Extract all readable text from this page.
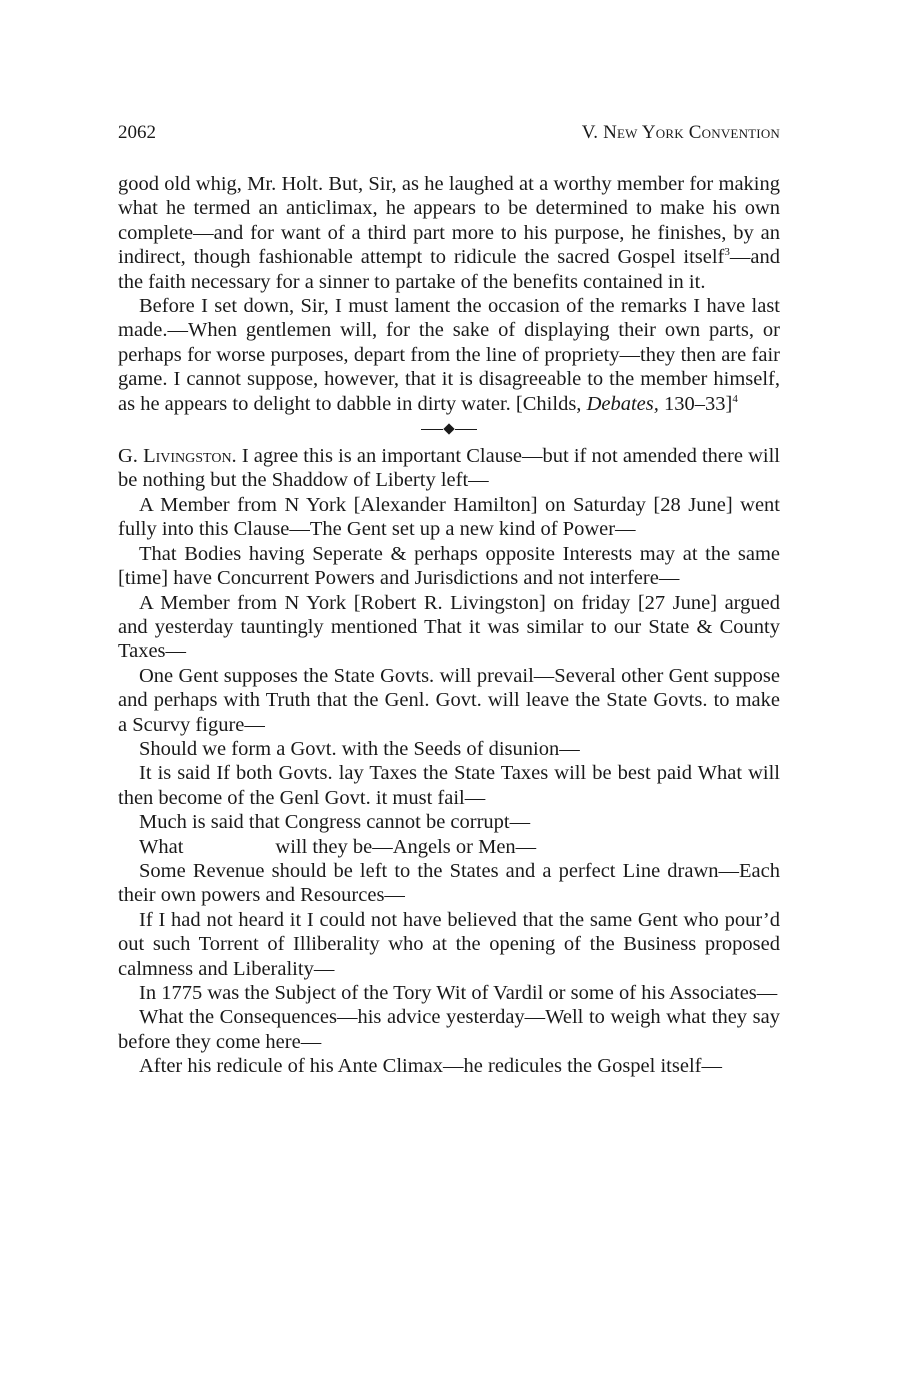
2062	V. New York Convention

good old whig, Mr. Holt. But, Sir, as he laughed at a worthy member for making what he termed an anticlimax, he appears to be determined to make his own complete—and for want of a third part more to his purpose, he finishes, by an indirect, though fashionable attempt to ridicule the sacred Gospel itself$^3$—and the faith necessary for a sinner to partake of the benefits contained in it.

Before I set down, Sir, I must lament the occasion of the remarks I have last made.—When gentlemen will, for the sake of displaying their own parts, or perhaps for worse purposes, depart from the line of propriety—they then are fair game. I cannot suppose, however, that it is disagreeable to the member himself, as he appears to delight to dabble in dirty water. [Childs, Debates, 130–33]$^4$

G. Livingston. I agree this is an important Clause—but if not amended there will be nothing but the Shaddow of Liberty left—

A Member from N York [Alexander Hamilton] on Saturday [28 June] went fully into this Clause—The Gent set up a new kind of Power—

That Bodies having Seperate & perhaps opposite Interests may at the same [time] have Concurrent Powers and Jurisdictions and not interfere—

A Member from N York [Robert R. Livingston] on friday [27 June] argued and yesterday tauntingly mentioned That it was similar to our State & County Taxes—

One Gent supposes the State Govts. will prevail—Several other Gent suppose and perhaps with Truth that the Genl. Govt. will leave the State Govts. to make a Scurvy figure—

Should we form a Govt. with the Seeds of disunion—

It is said If both Govts. lay Taxes the State Taxes will be best paid What will then become of the Genl Govt. it must fail—

Much is said that Congress cannot be corrupt—

What	will they be—Angels or Men—

Some Revenue should be left to the States and a perfect Line drawn—Each their own powers and Resources—

If I had not heard it I could not have believed that the same Gent who pour’d out such Torrent of Illiberality who at the opening of the Business proposed calmness and Liberality—

In 1775 was the Subject of the Tory Wit of Vardil or some of his Associates—

What the Consequences—his advice yesterday—Well to weigh what they say before they come here—

After his redicule of his Ante Climax—he redicules the Gospel itself—
